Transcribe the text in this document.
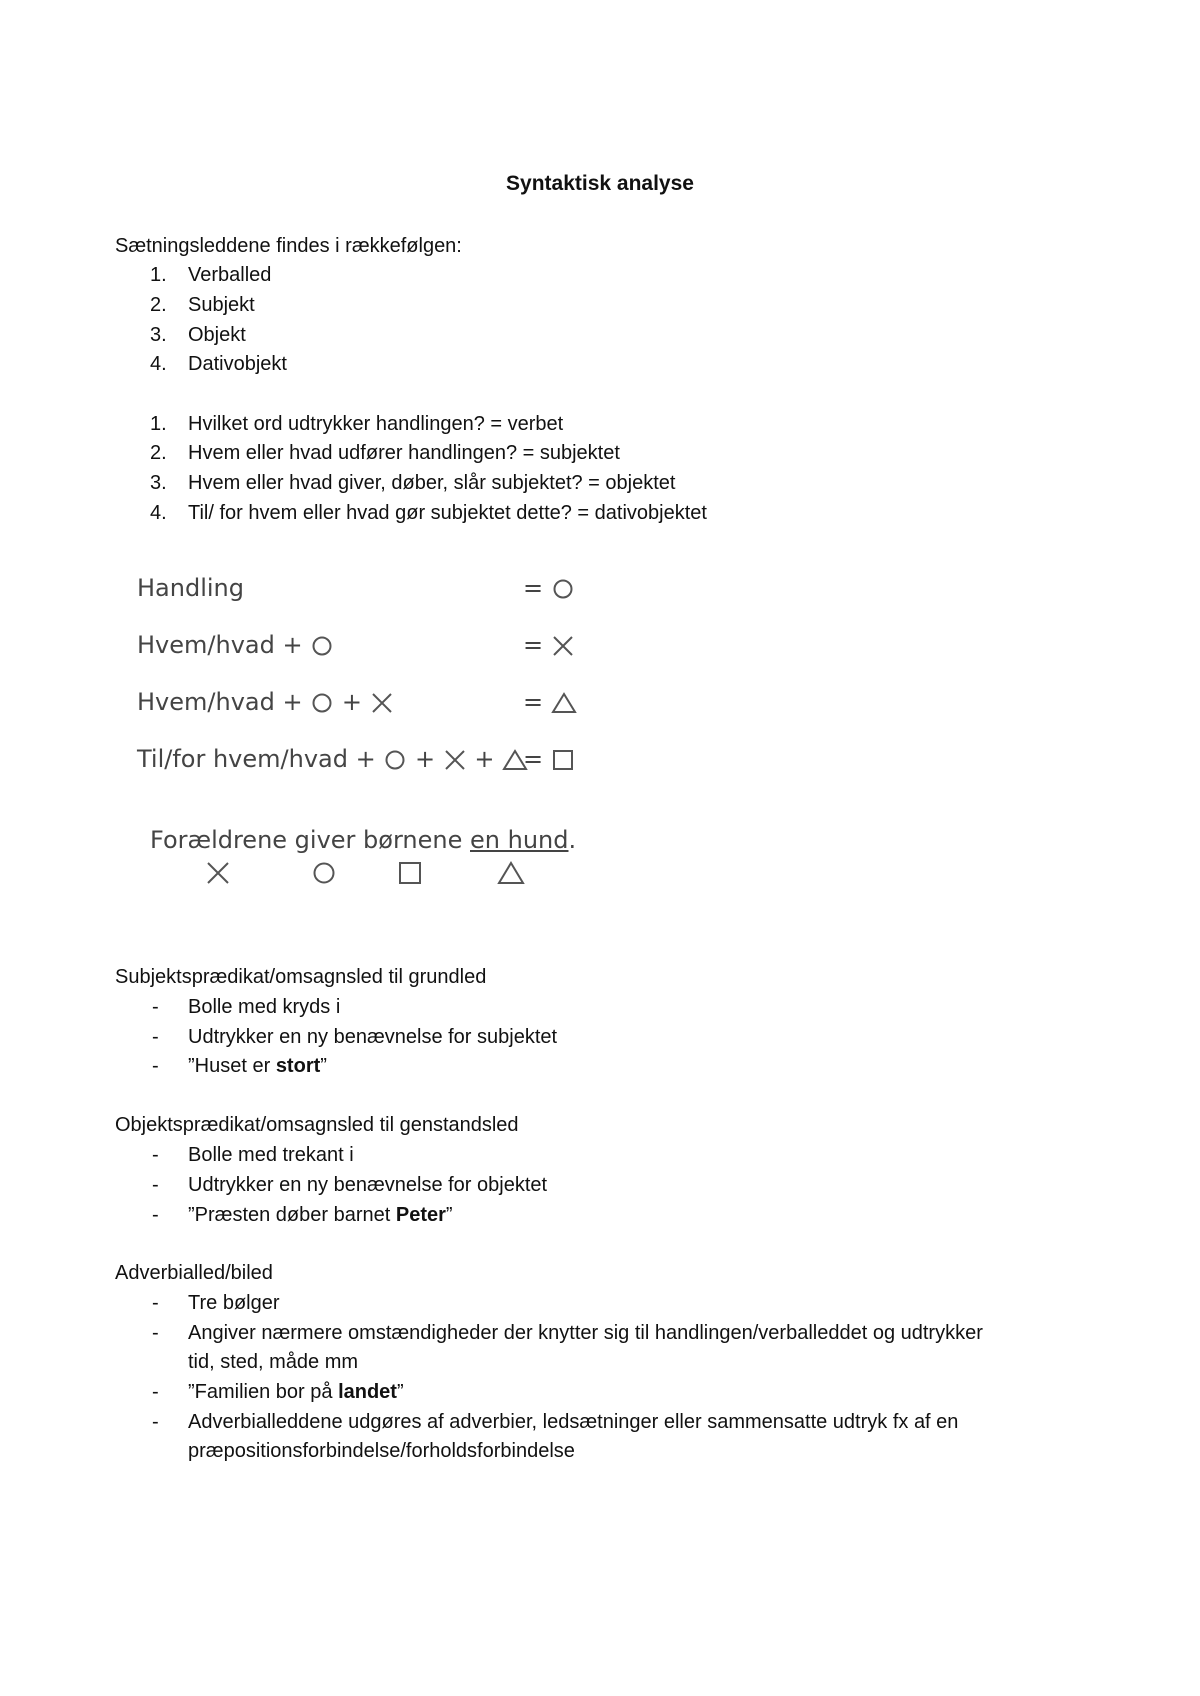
Syntaktisk analyse
Sætningsleddene findes i rækkefølgen:
1. Verballed
2. Subjekt
3. Objekt
4. Dativobjekt
1. Hvilket ord udtrykker handlingen? = verbet
2. Hvem eller hvad udfører handlingen? = subjektet
3. Hvem eller hvad giver, døber, slår subjektet? = objektet
4. Til/ for hvem eller hvad gør subjektet dette? = dativobjektet
Handling	=
Hvem/hvad +	=
Hvem/hvad + +	=
Til/for hvem/hvad + + +	=
Forældrene giver børnene en hund.
Subjektsprædikat/omsagnsled til grundled
- Bolle med kryds i
- Udtrykker en ny benævnelse for subjektet
- ”Huset er stort”
Objektsprædikat/omsagnsled til genstandsled
- Bolle med trekant i
- Udtrykker en ny benævnelse for objektet
- ”Præsten døber barnet Peter”
Adverbialled/biled
- Tre bølger
- Angiver nærmere omstændigheder der knytter sig til handlingen/verballeddet og udtrykker
tid, sted, måde mm
- ”Familien bor på landet”
- Adverbialleddene udgøres af adverbier, ledsætninger eller sammensatte udtryk fx af en
præpositionsforbindelse/forholdsforbindelse
